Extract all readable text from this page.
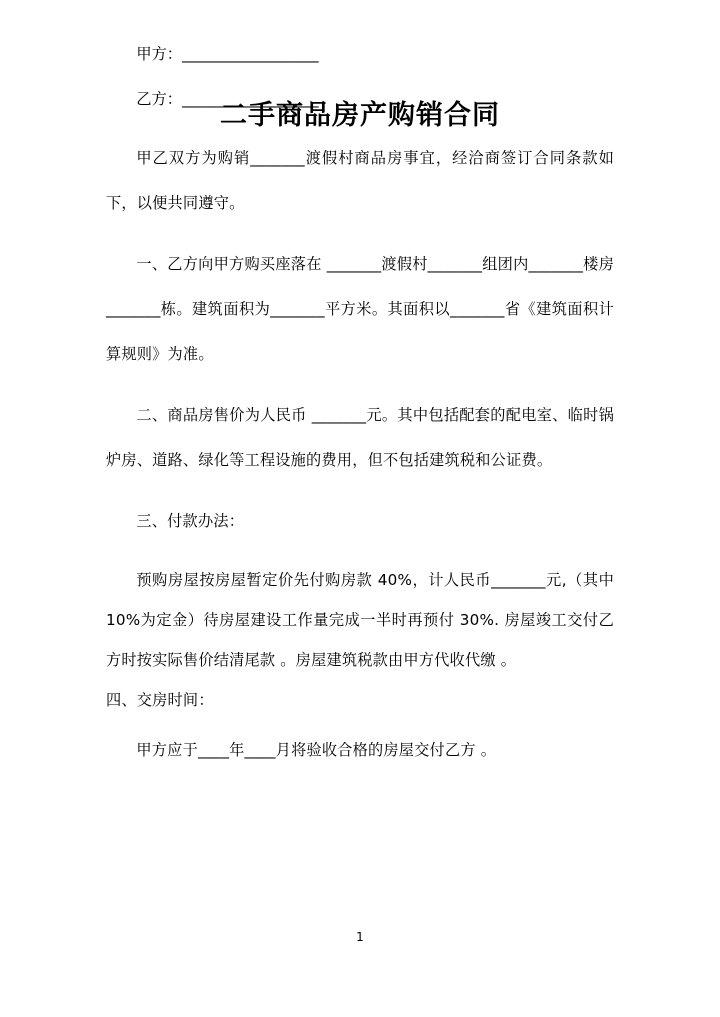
二手商品房产购销合同

甲方：__________________

乙方：__________________

甲乙双方为购销_______渡假村商品房事宜，经洽商签订合同条款如下，以便共同遵守。

一、乙方向甲方购买座落在 _______渡假村_______组团内_______楼房_______栋。建筑面积为_______平方米。其面积以_______省《建筑面积计算规则》为准。

二、商品房售价为人民币 _______元。其中包括配套的配电室、临时锅炉房、道路、绿化等工程设施的费用，但不包括建筑税和公证费。

三、付款办法：

预购房屋按房屋暂定价先付购房款 40%，计人民币_______元,（其中 10%为定金）待房屋建设工作量完成一半时再预付 30%. 房屋竣工交付乙方时按实际售价结清尾款 。房屋建筑税款由甲方代收代缴 。

四、交房时间：

甲方应于____年____月将验收合格的房屋交付乙方 。

1
